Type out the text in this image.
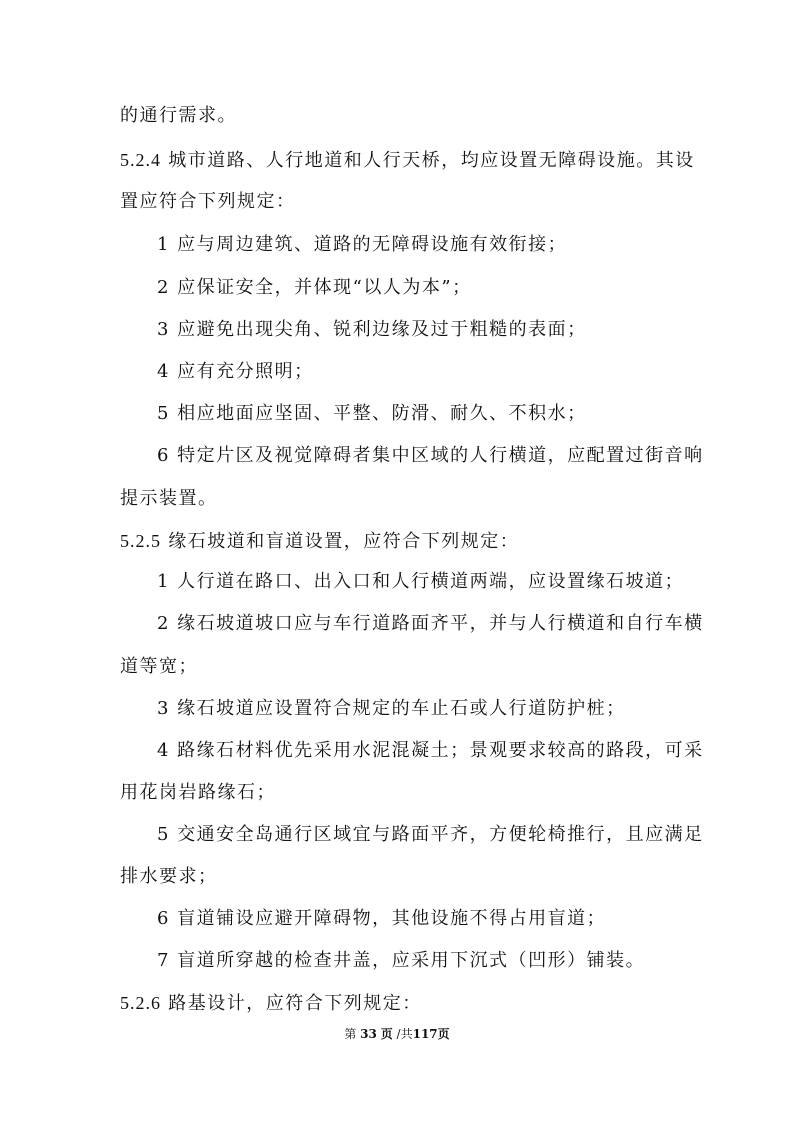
的通行需求。
5.2.4 城市道路、人行地道和人行天桥，均应设置无障碍设施。其设
置应符合下列规定：
1 应与周边建筑、道路的无障碍设施有效衔接；
2 应保证安全，并体现“以人为本”；
3 应避免出现尖角、锐利边缘及过于粗糙的表面；
4 应有充分照明；
5 相应地面应坚固、平整、防滑、耐久、不积水；
6 特定片区及视觉障碍者集中区域的人行横道，应配置过街音响
提示装置。
5.2.5 缘石坡道和盲道设置，应符合下列规定：
1 人行道在路口、出入口和人行横道两端，应设置缘石坡道；
2 缘石坡道坡口应与车行道路面齐平，并与人行横道和自行车横
道等宽；
3 缘石坡道应设置符合规定的车止石或人行道防护桩；
4 路缘石材料优先采用水泥混凝土；景观要求较高的路段，可采
用花岗岩路缘石；
5 交通安全岛通行区域宜与路面平齐，方便轮椅推行，且应满足
排水要求；
6 盲道铺设应避开障碍物，其他设施不得占用盲道；
7 盲道所穿越的检查井盖，应采用下沉式（凹形）铺装。
5.2.6 路基设计，应符合下列规定：
第 33 页 /共117页
